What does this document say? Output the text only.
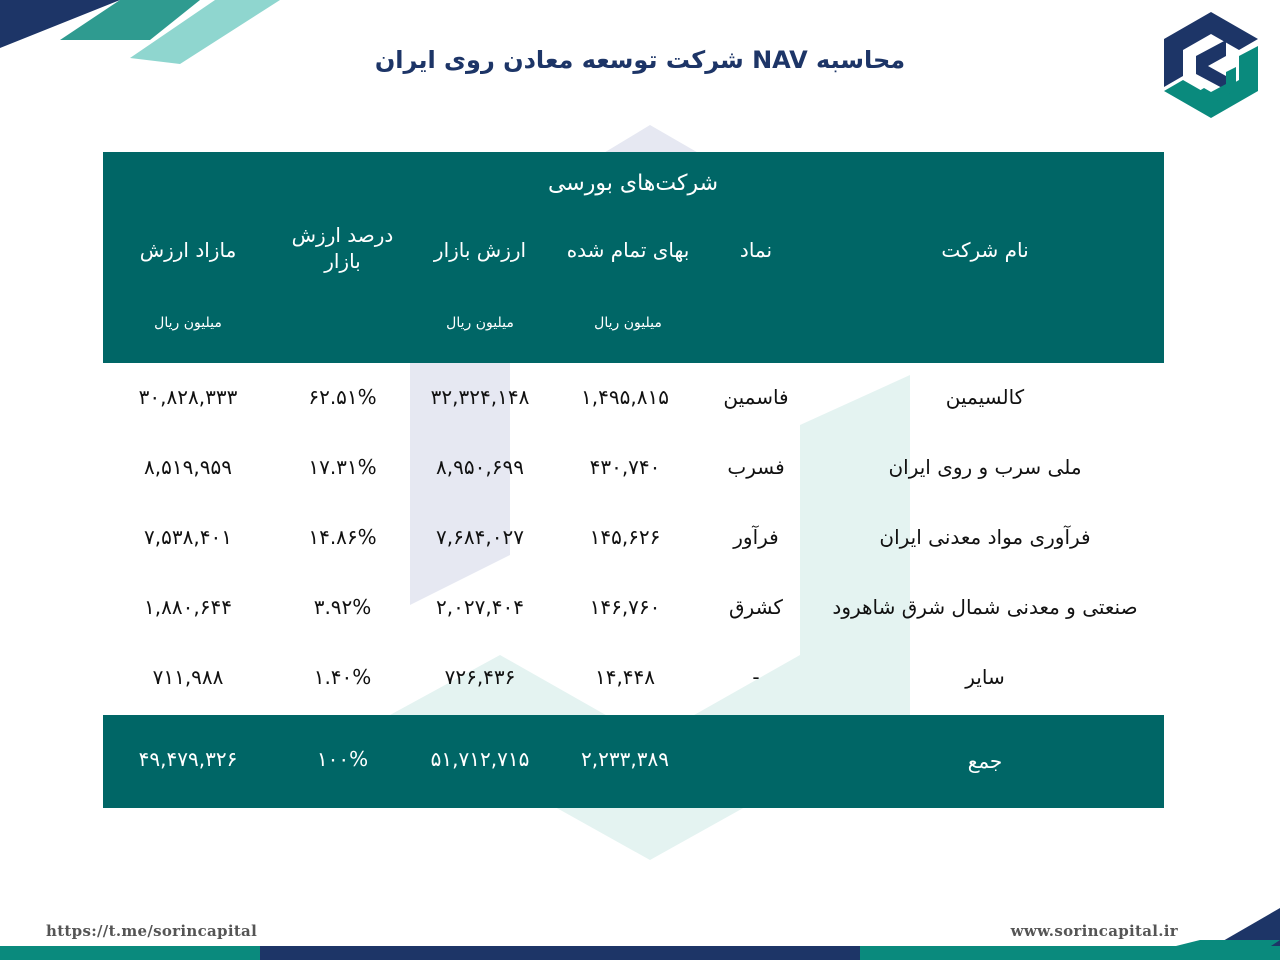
محاسبه NAV شرکت توسعه معادن روی ایران
شرکت‌های بورسی
نام شرکت
نماد
بهای تمام شده
ارزش بازار
درصد ارزش بازار
مازاد ارزش
میلیون ریال
میلیون ریال
میلیون ریال
کالسیمین
فاسمین
۱,۴۹۵,۸۱۵
۳۲,۳۲۴,۱۴۸
۶۲.۵۱%
۳۰,۸۲۸,۳۳۳
ملی سرب و روی ایران
فسرب
۴۳۰,۷۴۰
۸,۹۵۰,۶۹۹
۱۷.۳۱%
۸,۵۱۹,۹۵۹
فرآوری مواد معدنی ایران
فرآور
۱۴۵,۶۲۶
۷,۶۸۴,۰۲۷
۱۴.۸۶%
۷,۵۳۸,۴۰۱
صنعتی و معدنی شمال شرق شاهرود
کشرق
۱۴۶,۷۶۰
۲,۰۲۷,۴۰۴
۳.۹۲%
۱,۸۸۰,۶۴۴
سایر
-
۱۴,۴۴۸
۷۲۶,۴۳۶
۱.۴۰%
۷۱۱,۹۸۸
جمع
۲,۲۳۳,۳۸۹
۵۱,۷۱۲,۷۱۵
۱۰۰%
۴۹,۴۷۹,۳۲۶
https://t.me/sorincapital	www.sorincapital.ir
